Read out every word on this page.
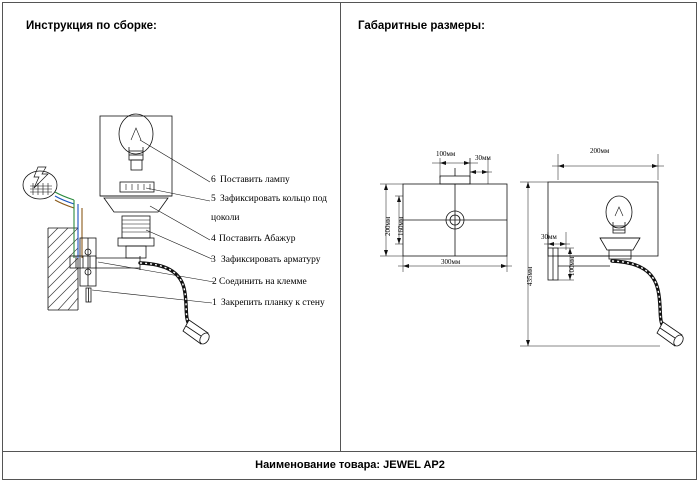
Инструкция по сборке:	Габаритные размеры:
6 Поставить лампу
5 Зафиксировать кольцо под
цоколи
4 Поставить Абажур
3 Зафиксировать арматуру
2 Соединить на клемме
1 Закрепить планку к стену
100мм	30мм
200мм 160мм
300мм
200мм
30мм
435мм
100мм
Наименование товара: JEWEL AP2
